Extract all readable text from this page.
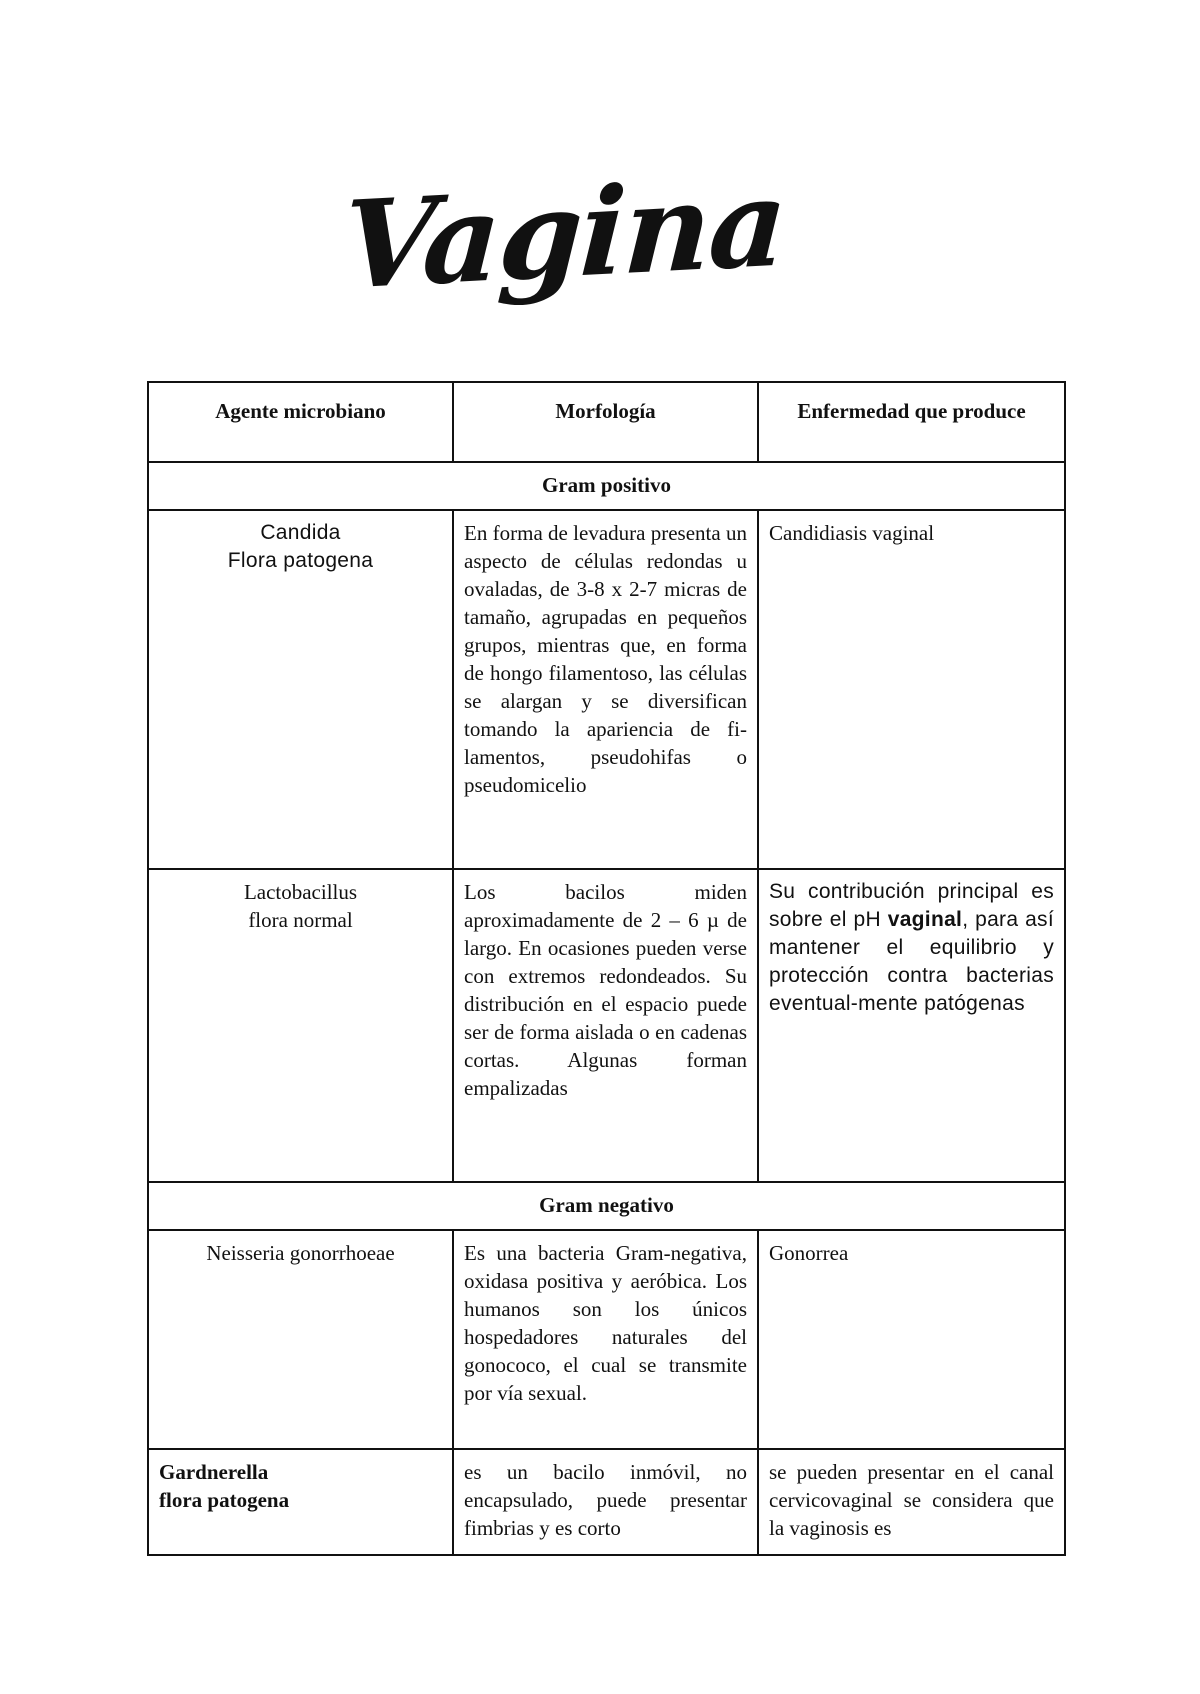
Vagina
Agente microbiano	Morfología	Enfermedad que produce
Gram positivo		

Candida
Flora patogena	En forma de levadura presenta un aspecto de células redondas u ovaladas, de 3-8 x 2-7 micras de tamaño, agrupadas en pequeños grupos, mientras que, en forma de hongo filamentoso, las células se alargan y se diversifican tomando la apariencia de fi-lamentos, pseudohifas o pseudomicelio	Candidiasis vaginal

Lactobacillus
flora normal	Los bacilos miden aproximadamente de 2 – 6 µ de largo. En ocasiones pueden verse con extremos redondeados. Su distribución en el espacio puede ser de forma aislada o en cadenas cortas. Algunas forman empalizadas	Su contribución principal es sobre el pH vaginal, para así mantener el equilibrio y protección contra bacterias eventual-mente patógenas
Gram negativo		

Neisseria gonorrhoeae	Es una bacteria Gram-negativa, oxidasa positiva y aeróbica. Los humanos son los únicos hospedadores naturales del gonococo, el cual se transmite por vía sexual.	Gonorrea

Gardnerella
flora patogena	es un bacilo inmóvil, no encapsulado, puede presentar fimbrias y es corto	se pueden presentar en el canal cervicovaginal se considera que la vaginosis es
